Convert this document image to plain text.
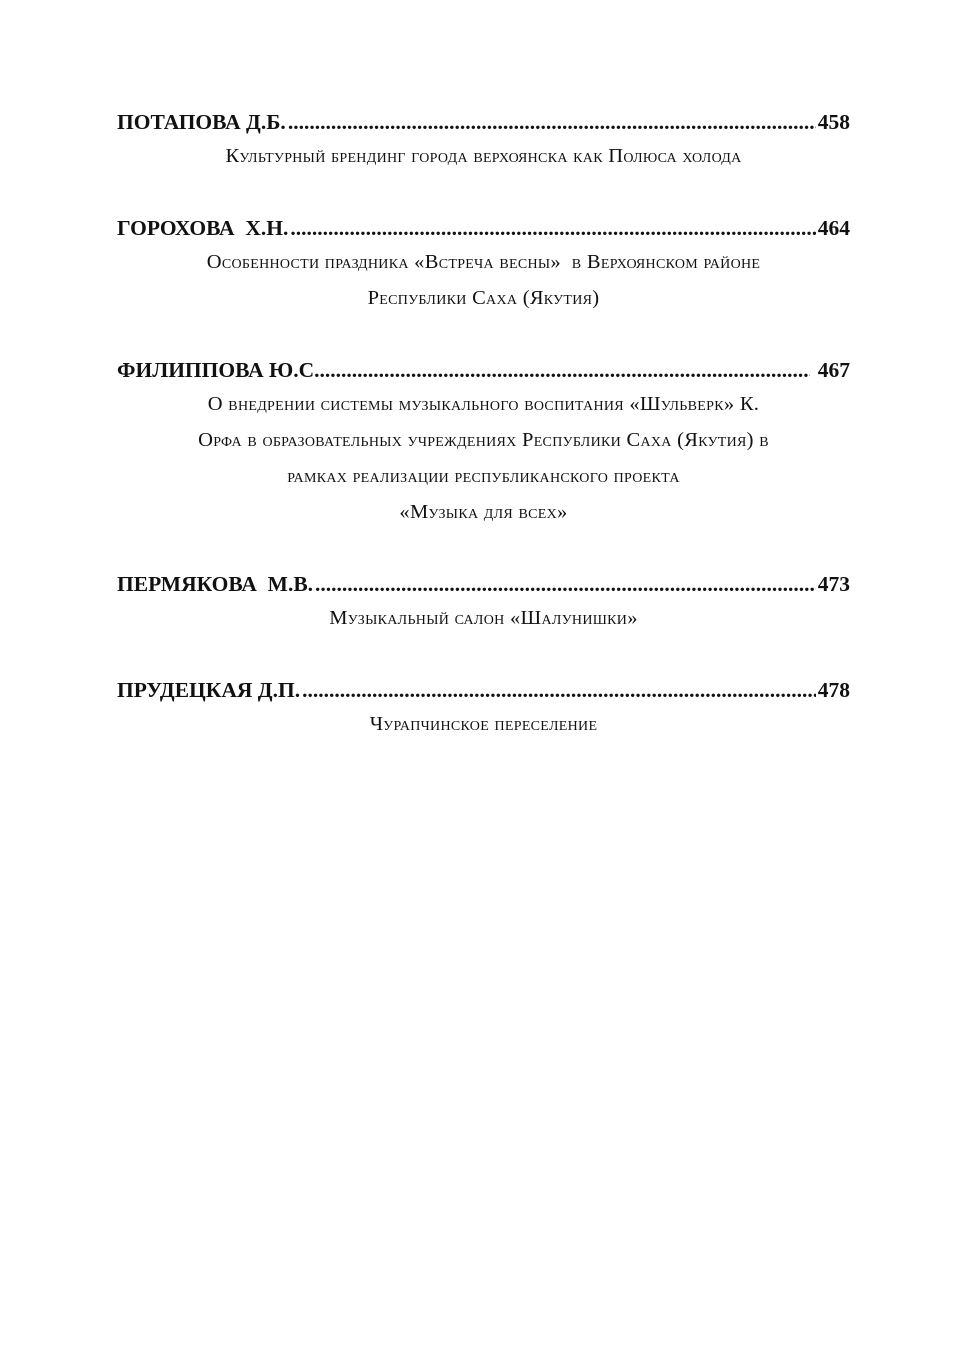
ПОТАПОВА Д.Б. .....	458
Культурный брендинг города верхоянска как Полюса холода
ГОРОХОВА  Х.Н. .....	464
Особенности праздника «Встреча весны»  в Верхоянском районе
Республики Саха (Якутия)
ФИЛИППОВА Ю.С .....	467
О внедрении системы музыкального воспитания «Шульверк» К.
Орфа в образовательных учреждениях Республики Саха (Якутия) в
рамках реализации республиканского проекта
«Музыка для всех»
ПЕРМЯКОВА  М.В. .....	473
Музыкальный салон «Шалунишки»
ПРУДЕЦКАЯ Д.П. .....	478
Чурапчинское переселение
